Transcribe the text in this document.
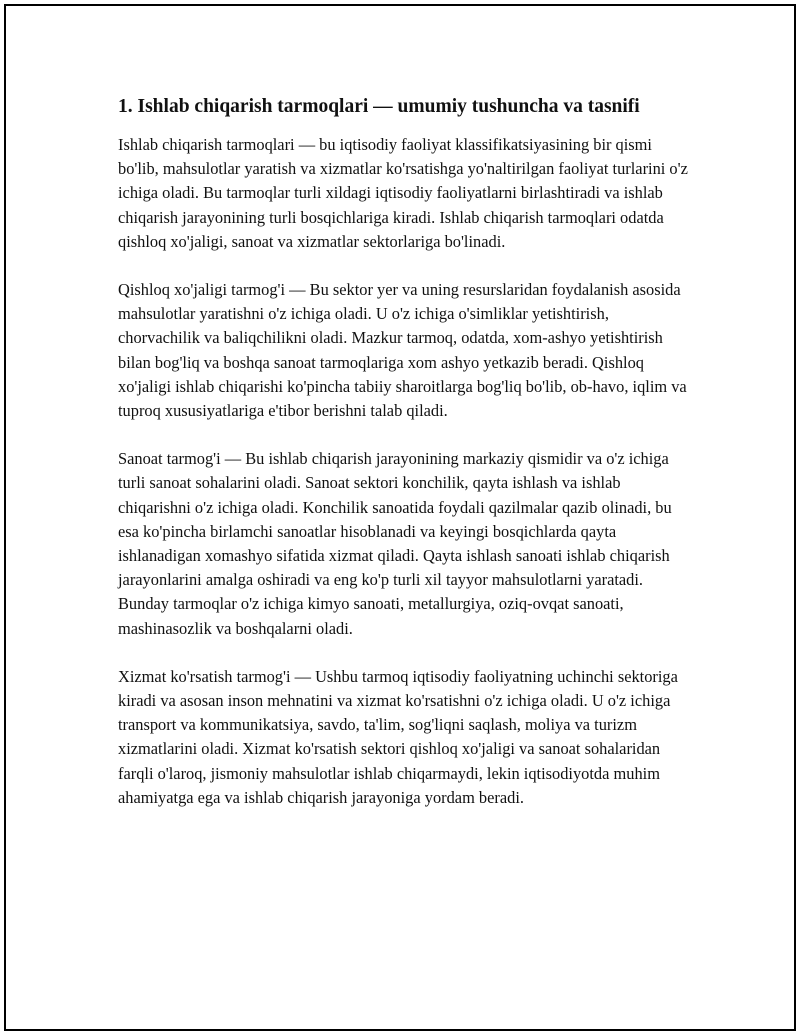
1. Ishlab chiqarish tarmoqlari — umumiy tushuncha va tasnifi

Ishlab chiqarish tarmoqlari — bu iqtisodiy faoliyat klassifikatsiyasining bir qismi bo'lib, mahsulotlar yaratish va xizmatlar ko'rsatishga yo'naltirilgan faoliyat turlarini o'z ichiga oladi. Bu tarmoqlar turli xildagi iqtisodiy faoliyatlarni birlashtiradi va ishlab chiqarish jarayonining turli bosqichlariga kiradi. Ishlab chiqarish tarmoqlari odatda qishloq xo'jaligi, sanoat va xizmatlar sektorlariga bo'linadi.

Qishloq xo'jaligi tarmog'i — Bu sektor yer va uning resurslaridan foydalanish asosida mahsulotlar yaratishni o'z ichiga oladi. U o'z ichiga o'simliklar yetishtirish, chorvachilik va baliqchilikni oladi. Mazkur tarmoq, odatda, xom-ashyo yetishtirish bilan bog'liq va boshqa sanoat tarmoqlariga xom ashyo yetkazib beradi. Qishloq xo'jaligi ishlab chiqarishi ko'pincha tabiiy sharoitlarga bog'liq bo'lib, ob-havo, iqlim va tuproq xususiyatlariga e'tibor berishni talab qiladi.

Sanoat tarmog'i — Bu ishlab chiqarish jarayonining markaziy qismidir va o'z ichiga turli sanoat sohalarini oladi. Sanoat sektori konchilik, qayta ishlash va ishlab chiqarishni o'z ichiga oladi. Konchilik sanoatida foydali qazilmalar qazib olinadi, bu esa ko'pincha birlamchi sanoatlar hisoblanadi va keyingi bosqichlarda qayta ishlanadigan xomashyo sifatida xizmat qiladi. Qayta ishlash sanoati ishlab chiqarish jarayonlarini amalga oshiradi va eng ko'p turli xil tayyor mahsulotlarni yaratadi. Bunday tarmoqlar o'z ichiga kimyo sanoati, metallurgiya, oziq-ovqat sanoati, mashinasozlik va boshqalarni oladi.

Xizmat ko'rsatish tarmog'i — Ushbu tarmoq iqtisodiy faoliyatning uchinchi sektoriga kiradi va asosan inson mehnatini va xizmat ko'rsatishni o'z ichiga oladi. U o'z ichiga transport va kommunikatsiya, savdo, ta'lim, sog'liqni saqlash, moliya va turizm xizmatlarini oladi. Xizmat ko'rsatish sektori qishloq xo'jaligi va sanoat sohalaridan farqli o'laroq, jismoniy mahsulotlar ishlab chiqarmaydi, lekin iqtisodiyotda muhim ahamiyatga ega va ishlab chiqarish jarayoniga yordam beradi.
